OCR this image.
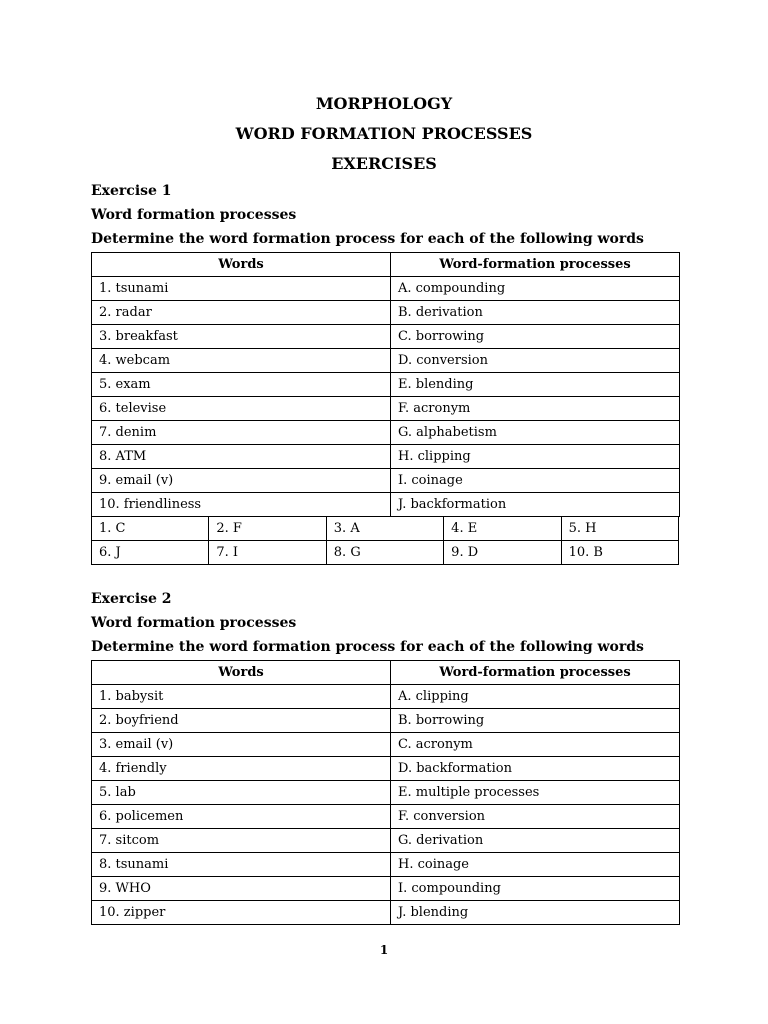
MORPHOLOGY
WORD FORMATION PROCESSES
EXERCISES
Exercise 1
Word formation processes
Determine the word formation process for each of the following words
Words	Word-formation processes
1. tsunami	A. compounding
2. radar	B. derivation
3. breakfast	C. borrowing
4. webcam	D. conversion
5. exam	E. blending
6. televise	F. acronym
7. denim	G. alphabetism
8. ATM	H. clipping
9. email (v)	I. coinage
10. friendliness	J. backformation
1. C	2. F	3. A	4. E	5. H
6. J	7. I	8. G	9. D	10. B
Exercise 2
Word formation processes
Determine the word formation process for each of the following words
Words	Word-formation processes
1. babysit	A. clipping
2. boyfriend	B. borrowing
3. email (v)	C. acronym
4. friendly	D. backformation
5. lab	E. multiple processes
6. policemen	F. conversion
7. sitcom	G. derivation
8. tsunami	H. coinage
9. WHO	I. compounding
10. zipper	J. blending
1
